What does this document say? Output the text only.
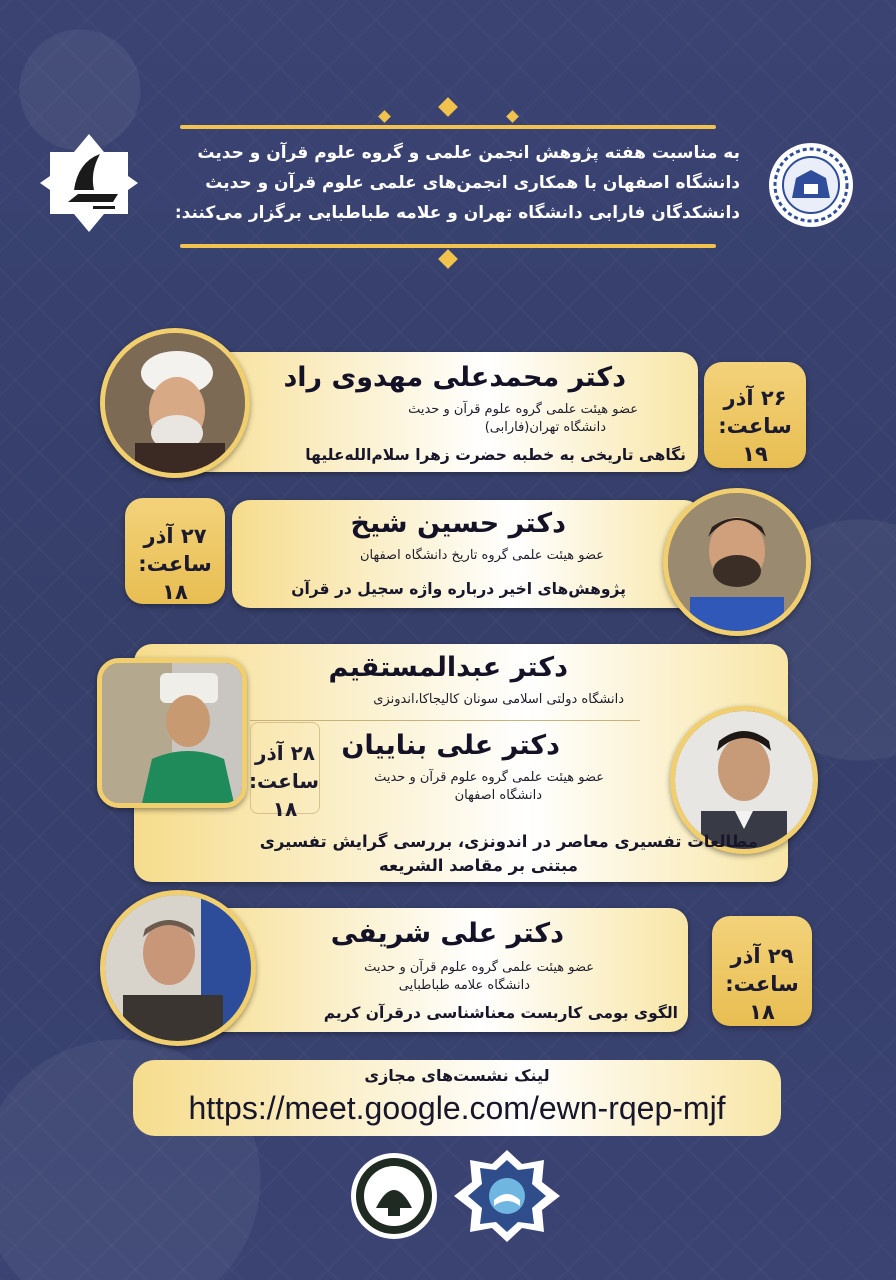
به مناسبت هفته پژوهش انجمن علمی و گروه علوم قرآن و حدیث
دانشگاه اصفهان با همکاری انجمن‌های علمی علوم قرآن و حدیث
دانشکدگان فارابی دانشگاه تهران و علامه طباطبایی برگزار می‌کنند:
دکتر محمدعلی مهدوی راد
عضو هیئت علمی گروه علوم قرآن و حدیث
دانشگاه تهران(فارابی)
نگاهی تاریخی به خطبه حضرت زهرا سلام‌الله‌علیها
۲۶ آذر
ساعت: ۱۹
۲۷ آذر
ساعت: ۱۸
دکتر حسین شیخ
عضو هیئت علمی گروه تاریخ دانشگاه اصفهان
پژوهش‌های اخیر درباره واژه سجیل در قرآن
دکتر عبدالمستقیم
دانشگاه دولتی اسلامی سونان کالیجاکا،اندونزی
۲۸ آذر
ساعت: ۱۸
دکتر علی بناییان
عضو هیئت علمی گروه علوم قرآن و حدیث
دانشگاه اصفهان
مطالعات تفسیری معاصر در اندونزی، بررسی گرایش تفسیری
مبتنی بر مقاصد الشریعه
دکتر علی شریفی
عضو هیئت علمی گروه علوم قرآن و حدیث
دانشگاه علامه طباطبایی
الگوی بومی کاربست معناشناسی درقرآن کریم
۲۹ آذر
ساعت: ۱۸
لینک نشست‌های مجازی
https://meet.google.com/ewn-rqep-mjf
